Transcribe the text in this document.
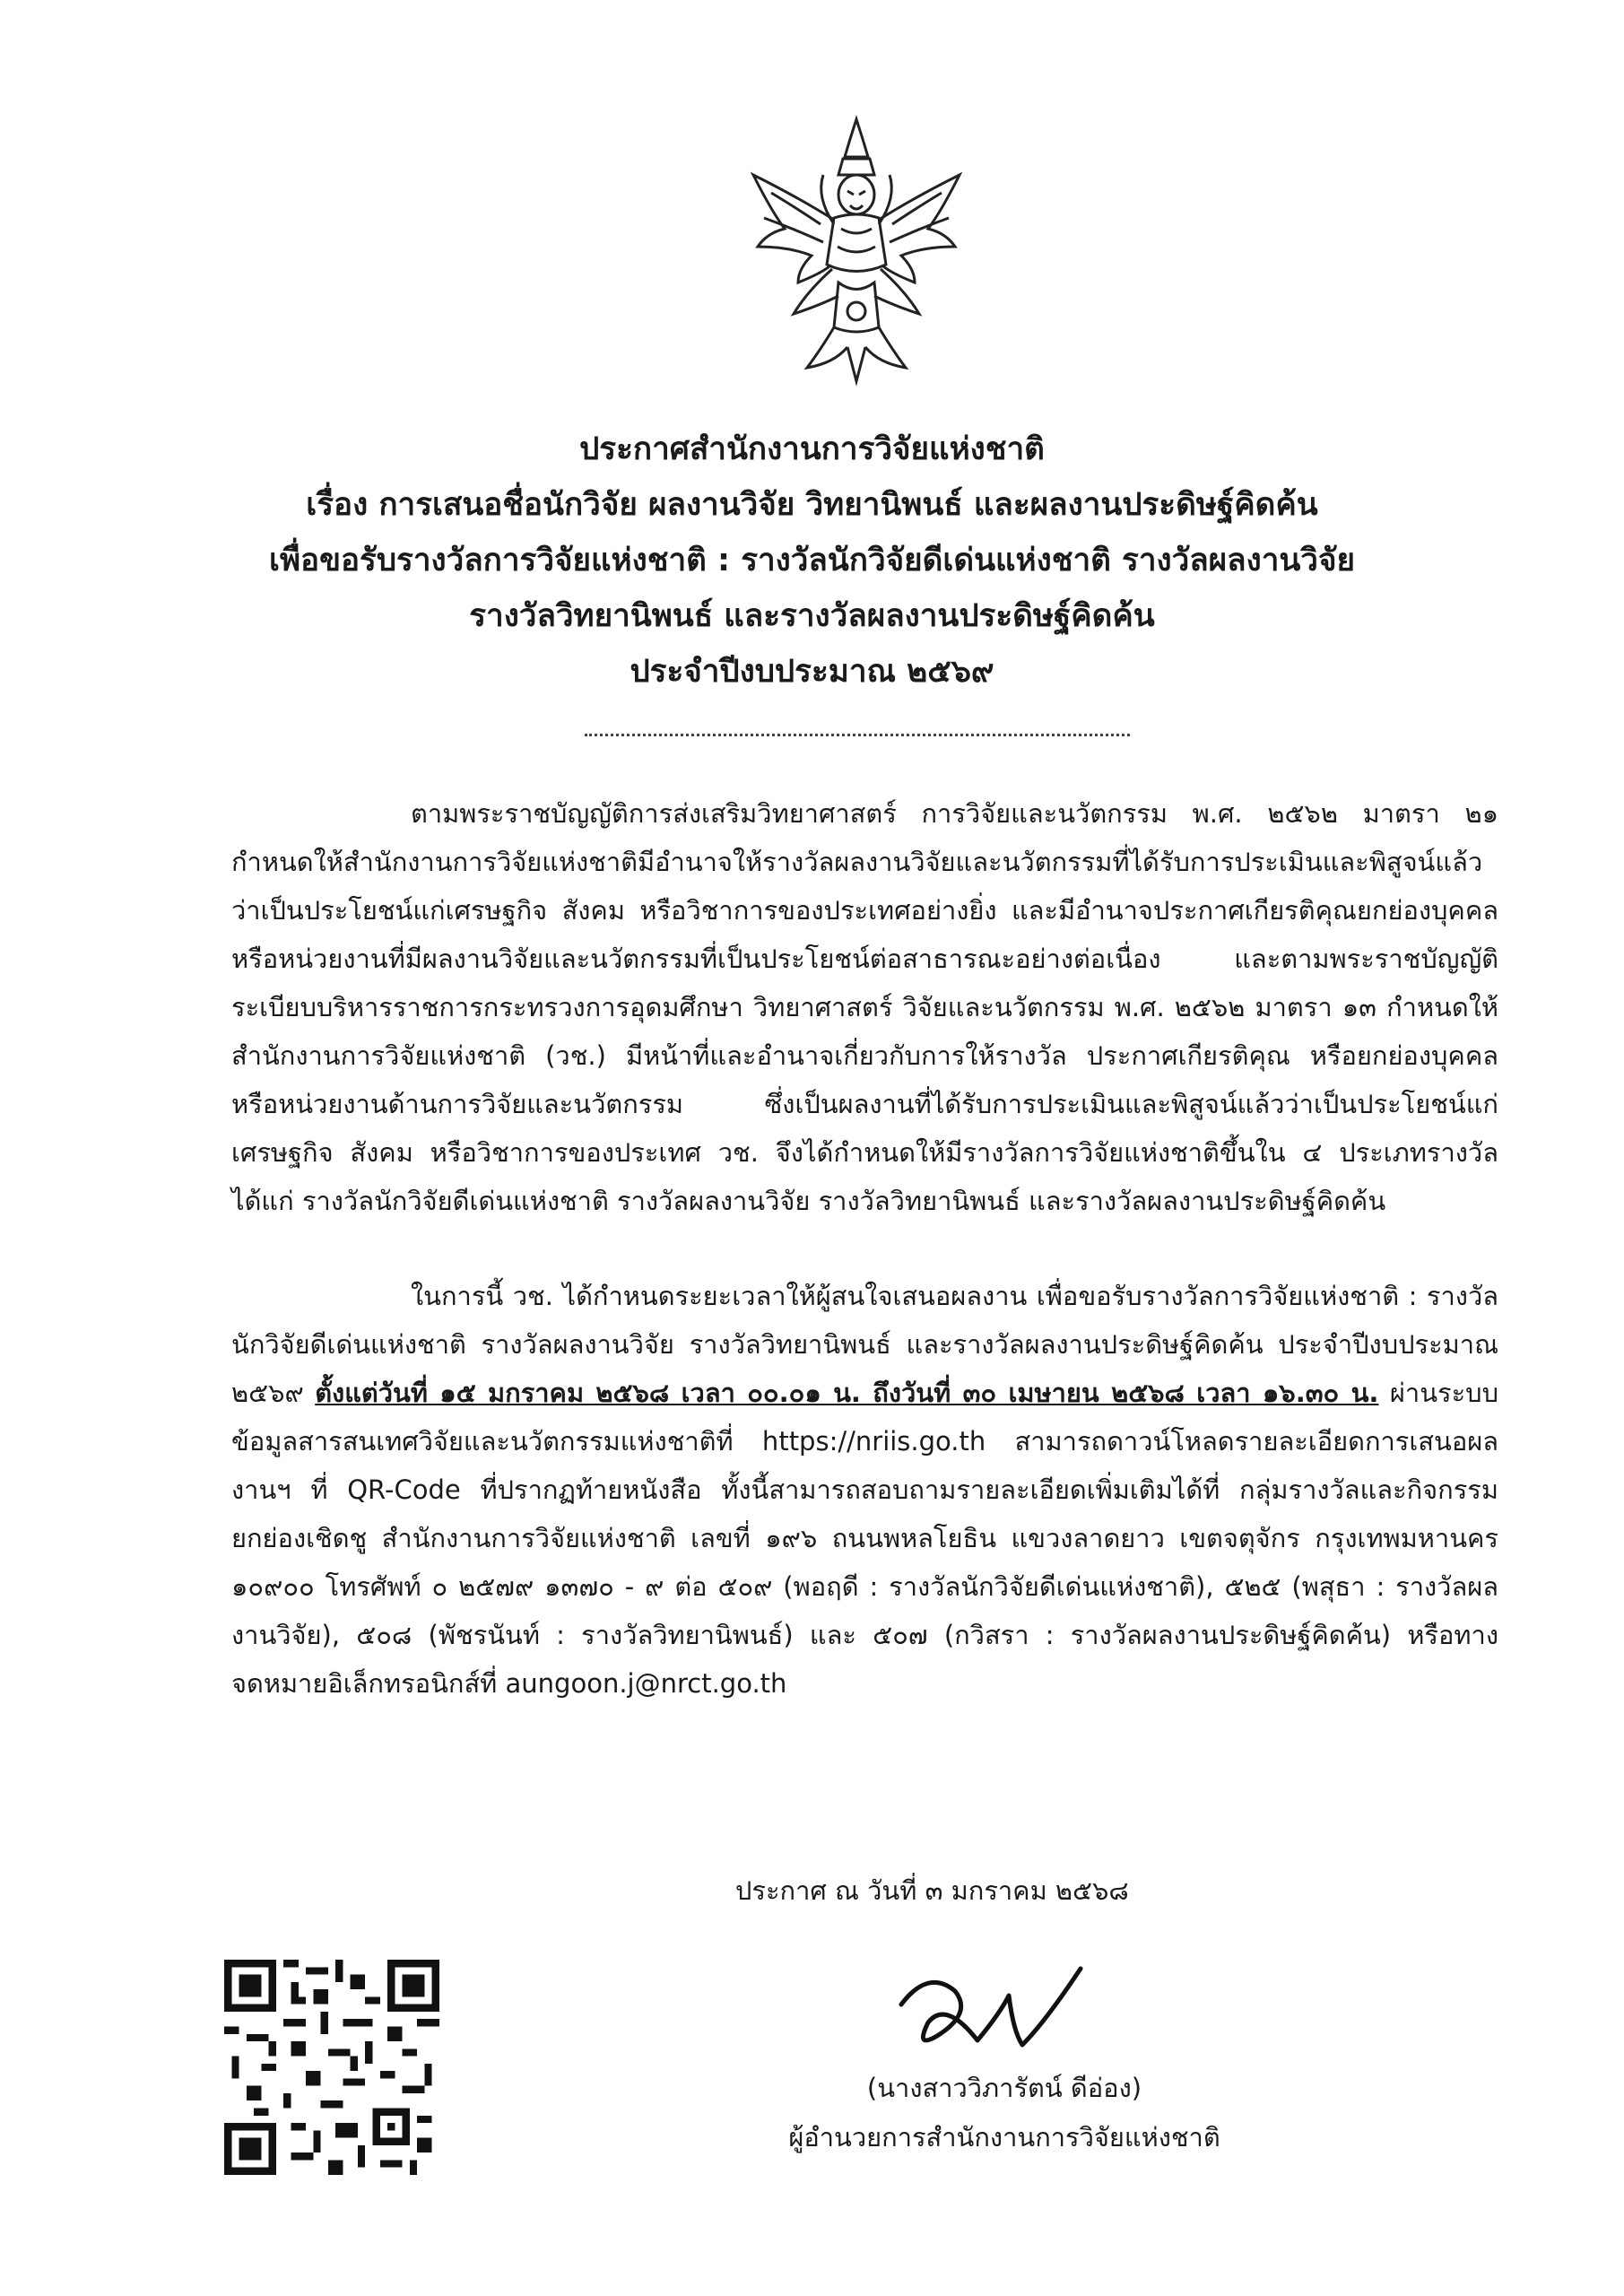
ประกาศสำนักงานการวิจัยแห่งชาติ
เรื่อง การเสนอชื่อนักวิจัย ผลงานวิจัย วิทยานิพนธ์ และผลงานประดิษฐ์คิดค้น
เพื่อขอรับรางวัลการวิจัยแห่งชาติ : รางวัลนักวิจัยดีเด่นแห่งชาติ รางวัลผลงานวิจัย
รางวัลวิทยานิพนธ์ และรางวัลผลงานประดิษฐ์คิดค้น
ประจำปีงบประมาณ ๒๕๖๙

ตามพระราชบัญญัติการส่งเสริมวิทยาศาสตร์ การวิจัยและนวัตกรรม พ.ศ. ๒๕๖๒ มาตรา ๒๑ กำหนดให้สำนักงานการวิจัยแห่งชาติมีอำนาจให้รางวัลผลงานวิจัยและนวัตกรรมที่ได้รับการประเมินและพิสูจน์แล้วว่าเป็นประโยชน์แก่เศรษฐกิจ สังคม หรือวิชาการของประเทศอย่างยิ่ง และมีอำนาจประกาศเกียรติคุณยกย่องบุคคลหรือหน่วยงานที่มีผลงานวิจัยและนวัตกรรมที่เป็นประโยชน์ต่อสาธารณะอย่างต่อเนื่อง และตามพระราชบัญญัติระเบียบบริหารราชการกระทรวงการอุดมศึกษา วิทยาศาสตร์ วิจัยและนวัตกรรม พ.ศ. ๒๕๖๒ มาตรา ๑๓ กำหนดให้สำนักงานการวิจัยแห่งชาติ (วช.) มีหน้าที่และอำนาจเกี่ยวกับการให้รางวัล ประกาศเกียรติคุณ หรือยกย่องบุคคลหรือหน่วยงานด้านการวิจัยและนวัตกรรม ซึ่งเป็นผลงานที่ได้รับการประเมินและพิสูจน์แล้วว่าเป็นประโยชน์แก่เศรษฐกิจ สังคม หรือวิชาการของประเทศ วช. จึงได้กำหนดให้มีรางวัลการวิจัยแห่งชาติขึ้นใน ๔ ประเภทรางวัล ได้แก่ รางวัลนักวิจัยดีเด่นแห่งชาติ รางวัลผลงานวิจัย รางวัลวิทยานิพนธ์ และรางวัลผลงานประดิษฐ์คิดค้น

ในการนี้ วช. ได้กำหนดระยะเวลาให้ผู้สนใจเสนอผลงาน เพื่อขอรับรางวัลการวิจัยแห่งชาติ : รางวัลนักวิจัยดีเด่นแห่งชาติ รางวัลผลงานวิจัย รางวัลวิทยานิพนธ์ และรางวัลผลงานประดิษฐ์คิดค้น ประจำปีงบประมาณ ๒๕๖๙ ตั้งแต่วันที่ ๑๕ มกราคม ๒๕๖๘ เวลา ๐๐.๐๑ น. ถึงวันที่ ๓๐ เมษายน ๒๕๖๘ เวลา ๑๖.๓๐ น. ผ่านระบบข้อมูลสารสนเทศวิจัยและนวัตกรรมแห่งชาติที่ https://nriis.go.th สามารถดาวน์โหลดรายละเอียดการเสนอผลงานฯ ที่ QR-Code ที่ปรากฏท้ายหนังสือ ทั้งนี้สามารถสอบถามรายละเอียดเพิ่มเติมได้ที่ กลุ่มรางวัลและกิจกรรมยกย่องเชิดชู สำนักงานการวิจัยแห่งชาติ เลขที่ ๑๙๖ ถนนพหลโยธิน แขวงลาดยาว เขตจตุจักร กรุงเทพมหานคร ๑๐๙๐๐ โทรศัพท์ ๐ ๒๕๗๙ ๑๓๗๐ - ๙ ต่อ ๕๐๙ (พอฤดี : รางวัลนักวิจัยดีเด่นแห่งชาติ), ๕๒๕ (พสุธา : รางวัลผลงานวิจัย), ๕๐๘ (พัชรนันท์ : รางวัลวิทยานิพนธ์) และ ๕๐๗ (กวิสรา : รางวัลผลงานประดิษฐ์คิดค้น) หรือทางจดหมายอิเล็กทรอนิกส์ที่ aungoon.j@nrct.go.th

ประกาศ ณ วันที่ ๓ มกราคม ๒๕๖๘
(นางสาววิภารัตน์ ดีอ่อง)
ผู้อำนวยการสำนักงานการวิจัยแห่งชาติ
